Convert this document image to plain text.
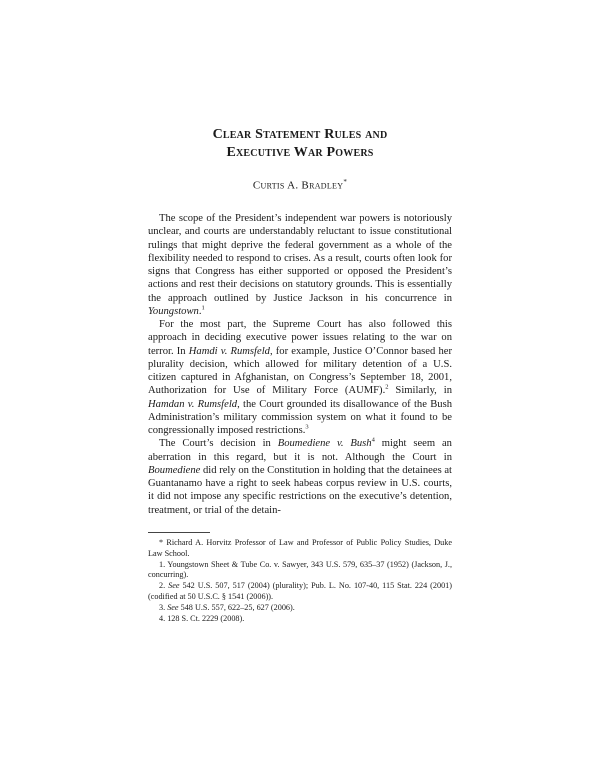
Clear Statement Rules and
Executive War Powers
Curtis A. Bradley*

The scope of the President’s independent war powers is notoriously unclear, and courts are understandably reluctant to issue constitutional rulings that might deprive the federal government as a whole of the flexibility needed to respond to crises. As a result, courts often look for signs that Congress has either supported or opposed the President’s actions and rest their decisions on statutory grounds. This is essentially the approach outlined by Justice Jackson in his concurrence in Youngstown.$^1$

For the most part, the Supreme Court has also followed this approach in deciding executive power issues relating to the war on terror. In Hamdi v. Rumsfeld, for example, Justice O’Connor based her plurality decision, which allowed for military detention of a U.S. citizen captured in Afghanistan, on Congress’s September 18, 2001, Authorization for Use of Military Force (AUMF).$^2$ Similarly, in Hamdan v. Rumsfeld, the Court grounded its disallowance of the Bush Administration’s military commission system on what it found to be congressionally imposed restrictions.$^3$

The Court’s decision in Boumediene v. Bush$^4$ might seem an aberration in this regard, but it is not. Although the Court in Boumediene did rely on the Constitution in holding that the detainees at Guantanamo have a right to seek habeas corpus review in U.S. courts, it did not impose any specific restrictions on the executive’s detention, treatment, or trial of the detain-

* Richard A. Horvitz Professor of Law and Professor of Public Policy Studies, Duke Law School.

1. Youngstown Sheet & Tube Co. v. Sawyer, 343 U.S. 579, 635–37 (1952) (Jackson, J., concurring).

2. See 542 U.S. 507, 517 (2004) (plurality); Pub. L. No. 107-40, 115 Stat. 224 (2001) (codified at 50 U.S.C. § 1541 (2006)).

3. See 548 U.S. 557, 622–25, 627 (2006).

4. 128 S. Ct. 2229 (2008).
